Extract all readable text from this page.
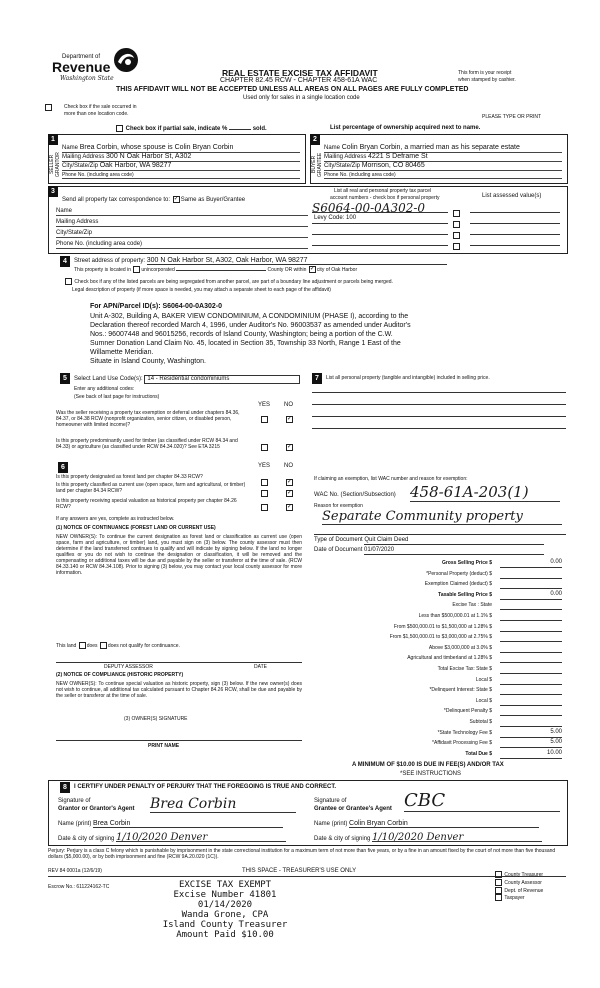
Department of
Revenue
Washington State
REAL ESTATE EXCISE TAX AFFIDAVIT
CHAPTER 82.45 RCW - CHAPTER 458-61A WAC
THIS AFFIDAVIT WILL NOT BE ACCEPTED UNLESS ALL AREAS ON ALL PAGES ARE FULLY COMPLETED
Used only for sales in a single location code
This form is your receipt
when stamped by cashier.
Check box if the sale occurred in
more than one location code.	PLEASE TYPE OR PRINT
Check box if partial sale, indicate %	sold.	List percentage of ownership acquired next to name.
1
SELLER GRANTOR
Name Brea Corbin, whose spouse is Colin Bryan Corbin
Mailing Address 300 N Oak Harbor St, A302
City/State/Zip Oak Harbor, WA 98277
Phone No. (including area code)
2
BUYER GRANTEE
Name Colin Bryan Corbin, a married man as his separate estate
Mailing Address 4221 S Deframe St
City/State/Zip Morrison, CO 80465
Phone No. (including area code)
3
Send all property tax correspondence to: ✓ Same as Buyer/Grantee
Name
Mailing Address
City/State/Zip
Phone No. (including area code)
List all real and personal property tax parcel
account numbers - check box if personal property	List assessed value(s)
S6064-00-0A302-0
Levy Code: 100
4	Street address of property: 300 N Oak Harbor St, A302, Oak Harbor, WA 98277
This property is located in unincorporated	County OR within ✓ city of Oak Harbor
Check box if any of the listed parcels are being segregated from another parcel, are part of a boundary line adjustment or parcels being merged.
Legal description of property (if more space is needed, you may attach a separate sheet to each page of the affidavit)
For APN/Parcel ID(s): S6064-00-0A302-0
Unit A-302, Building A, BAKER VIEW CONDOMINIUM, A CONDOMINIUM (PHASE I), according to the
Declaration thereof recorded March 4, 1996, under Auditor's No. 96003537 as amended under Auditor's
Nos.: 96007448 and 96015256, records of Island County, Washington; being a portion of the C.W.
Sumner Donation Land Claim No. 45, located in Section 35, Township 33 North, Range 1 East of the
Willamette Meridian.
Situate in Island County, Washington.
5	Select Land Use Code(s): 14 - Residential condominiums
Enter any additional codes:
(See back of last page for instructions)
YES NO
Was the seller receiving a property tax exemption or deferral under chapters 84.36, 84.37, or 84.38 RCW (nonprofit organization, senior citizen, or disabled person, homeowner with limited income)?
✓
Is this property predominantly used for timber (as classified under RCW 84.34 and 84.33) or agriculture (as classified under RCW 84.34.020)? See ETA 3215	✓
6	YES NO
Is this property designated as forest land per chapter 84.33 RCW?
✓
Is this property classified as current use (open space, farm and agricultural, or timber) land per chapter 84.34 RCW?	✓
Is this property receiving special valuation as historical property per chapter 84.26 RCW?	✓
If any answers are yes, complete as instructed below.
(1) NOTICE OF CONTINUANCE (FOREST LAND OR CURRENT USE)
NEW OWNER(S): To continue the current designation as forest land or classification as current use (open space, farm and agriculture, or timber) land, you must sign on (3) below. The county assessor must then determine if the land transferred continues to qualify and will indicate by signing below. If the land no longer qualifies or you do not wish to continue the designation or classification, it will be removed and the compensating or additional taxes will be due and payable by the seller or transferor at the time of sale. (RCW 84.33.140 or RCW 84.34.108). Prior to signing (3) below, you may contact your local county assessor for more information.
This land does does not qualify for continuance.
DEPUTY ASSESSOR	DATE
(2) NOTICE OF COMPLIANCE (HISTORIC PROPERTY)
NEW OWNER(S): To continue special valuation as historic property, sign (3) below. If the new owner(s) does not wish to continue, all additional tax calculated pursuant to Chapter 84.26 RCW, shall be due and payable by the seller or transferor at the time of sale.
(3) OWNER(S) SIGNATURE
PRINT NAME
7	List all personal property (tangible and intangible) included in selling price.
If claiming an exemption, list WAC number and reason for exemption:
WAC No. (Section/Subsection) 458-61A-203(1)
Reason for exemption
Separate Community property
Type of Document Quit Claim Deed
Date of Document 01/07/2020
Gross Selling Price $	0.00
*Personal Property (deduct) $
Exemption Claimed (deduct) $
Taxable Selling Price $	0.00
Excise Tax : State
Less than $500,000.01 at 1.1% $
From $500,000.01 to $1,500,000 at 1.28% $
From $1,500,000.01 to $3,000,000 at 2.75% $
Above $3,000,000 at 3.0% $
Agricultural and timberland at 1.28% $
Total Excise Tax: State $
Local $
*Delinquent Interest: State $
Local $
*Delinquent Penalty $
Subtotal $
*State Technology Fee $	5.00
*Affidavit Processing Fee $	5.00
Total Due $	10.00
A MINIMUM OF $10.00 IS DUE IN FEE(S) AND/OR TAX
*SEE INSTRUCTIONS
8	I CERTIFY UNDER PENALTY OF PERJURY THAT THE FOREGOING IS TRUE AND CORRECT.
Signature of
Grantor or Grantor's Agent Brea Corbin
Name (print) Brea Corbin
Date & city of signing 1/10/2020 Denver
Signature of
Grantee or Grantee's Agent CBC
Name (print) Colin Bryan Corbin
Date & city of signing 1/10/2020 Denver
Perjury: Perjury is a class C felony which is punishable by imprisonment in the state correctional institution for a maximum term of not more than five years, or by a fine in an amount fixed by the court of not more than five thousand dollars ($5,000.00), or by both imprisonment and fine (RCW 9A.20.020 (1C)).
REV 84 0001a (12/6/19)	THIS SPACE - TREASURER'S USE ONLY
Escrow No.: 611224162-TC	EXCISE TAX EXEMPT
Excise Number 41801
01/14/2020
Wanda Grone, CPA
Island County Treasurer
Amount Paid $10.00
County Treasurer
County Assessor
Dept. of Revenue
Taxpayer
